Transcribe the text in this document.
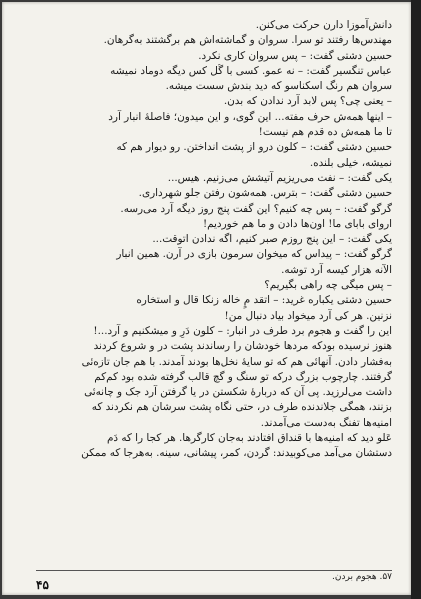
دانش‌آموزا دارن حرکت می‌کنن.

مهندس‌ها رفتند تو سرا. سروان و گماشته‌اش هم برگشتند به‌گرهان.

حسین دشتی گفت: – پس سروان کاری نکرد.

عباس تنگسیر گفت: – نه عمو. کسی با گُل کس دیگه دوماد نمیشه

سروان هم رنگ اسکناسو که دید بندش سست میشه.

– یعنی چی؟ پس لابد آرد ندادن که بدن.

– اینها همه‌ش حرف مفته... این گوی، و این میدون؛ فاصلهٔ انبار آرد

تا ما همه‌ش ده قدم هم نیست!

حسین دشتی گفت: – کلون درو از پشت انداختن. رو دیوار هم که

نمیشه، خیلی بلنده.

یکی گفت: – نفت می‌ریزیم آتیشش می‌زنیم. هیس...

حسین دشتی گفت: – بترس. همه‌شون رفتن جلو شهرداری.

گرگو گفت: – پس چه کنیم؟ این گفت پنج روز دیگه آرد می‌رسه.

اروای بابای ما! اون‌ها دادن و ما هم خوردیم!

یکی گفت: – این پنج روزم صبر کنیم، اگه ندادن اتوقت...

گرگو گفت: – پیداس که میخوان سرمون بازی در آرن. همین انبار

الآنه هزار کیسه آرد توشه.

– پس میگی چه راهی بگیریم؟

حسین دشتی یکباره غرید: – اتقد مٍ خاله زنکا قال و استخاره

نزنین. هر کی آرد میخواد بیاد دنبال من!

این را گفت و هجوم برد طرف در انبار: – کلون دَرِ و میشکنیم و آرد...!

هنوز نرسیده بودکه مردها خودشان را رساندند پشت در و شروع کردند

به‌فشار دادن. آنهائی هم که تو سایهٔ نخل‌ها بودند آمدند. با هم جان تازه‌ئی

گرفتند. چارچوب بزرگ درکه تو سنگ و گچ قالب گرفته شده بود کم‌کم

داشت می‌لرزید. پی آن که دربارهٔ شکستن در یا گرفتن آرد جک و چانه‌ئی

بزنند، همگی جلاندنده طرف در، حتی نگاه پشت سرشان هم نکردند که

امنیه‌ها تفنگ به‌دست می‌آمدند.

عَلو دید که امنیه‌ها با قنداق افتادند به‌جان کارگرها. هر کجا را که دَم

دستشان می‌آمد می‌کوبیدند: گردن، کمر، پیشانی، سینه. به‌هرجا که ممکن

۵۷. هجوم بردن.
۴۵
